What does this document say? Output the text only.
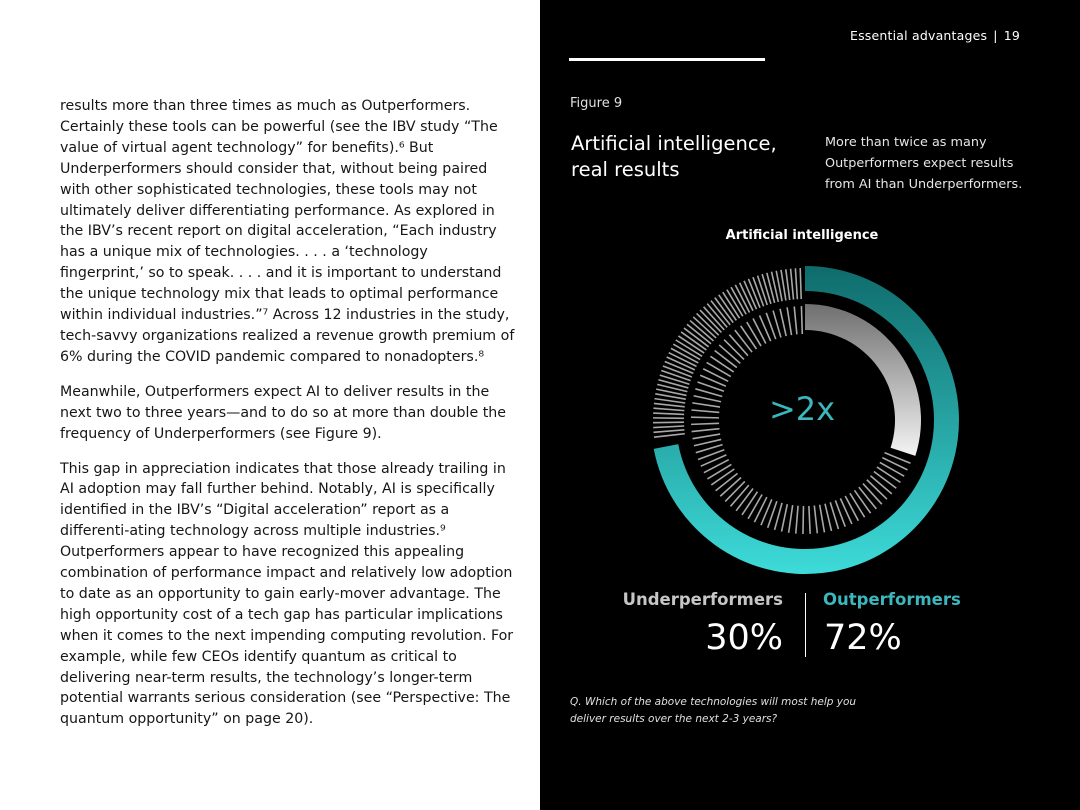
results more than three times as much as Outperformers. Certainly these tools can be powerful (see the IBV study “The value of virtual agent technology” for benefits).⁶ But Underperformers should consider that, without being paired with other sophisticated technologies, these tools may not ultimately deliver differentiating performance. As explored in the IBV’s recent report on digital acceleration, “Each industry has a unique mix of technologies. . . . a ‘technology fingerprint,’ so to speak. . . . and it is important to understand the unique technology mix that leads to optimal performance within individual industries.”⁷ Across 12 industries in the study, tech-savvy organizations realized a revenue growth premium of 6% during the COVID pandemic compared to nonadopters.⁸

Meanwhile, Outperformers expect AI to deliver results in the next two to three years—and to do so at more than double the frequency of Underperformers (see Figure 9).

This gap in appreciation indicates that those already trailing in AI adoption may fall further behind. Notably, AI is specifically identified in the IBV’s “Digital acceleration” report as a differenti-ating technology across multiple industries.⁹ Outperformers appear to have recognized this appealing combination of performance impact and relatively low adoption to date as an opportunity to gain early-mover advantage. The high opportunity cost of a tech gap has particular implications when it comes to the next impending computing revolution. For example, while few CEOs identify quantum as critical to delivering near-term results, the technology’s longer-term potential warrants serious consideration (see “Perspective: The quantum opportunity” on page 20).

Essential advantages | 19
Figure 9
Artificial intelligence,
real results
More than twice as many Outperformers expect results from AI than Underperformers.
Artificial intelligence
>2x
Underperformers
30%
Outperformers
72%
Q. Which of the above technologies will most help you deliver results over the next 2-3 years?
